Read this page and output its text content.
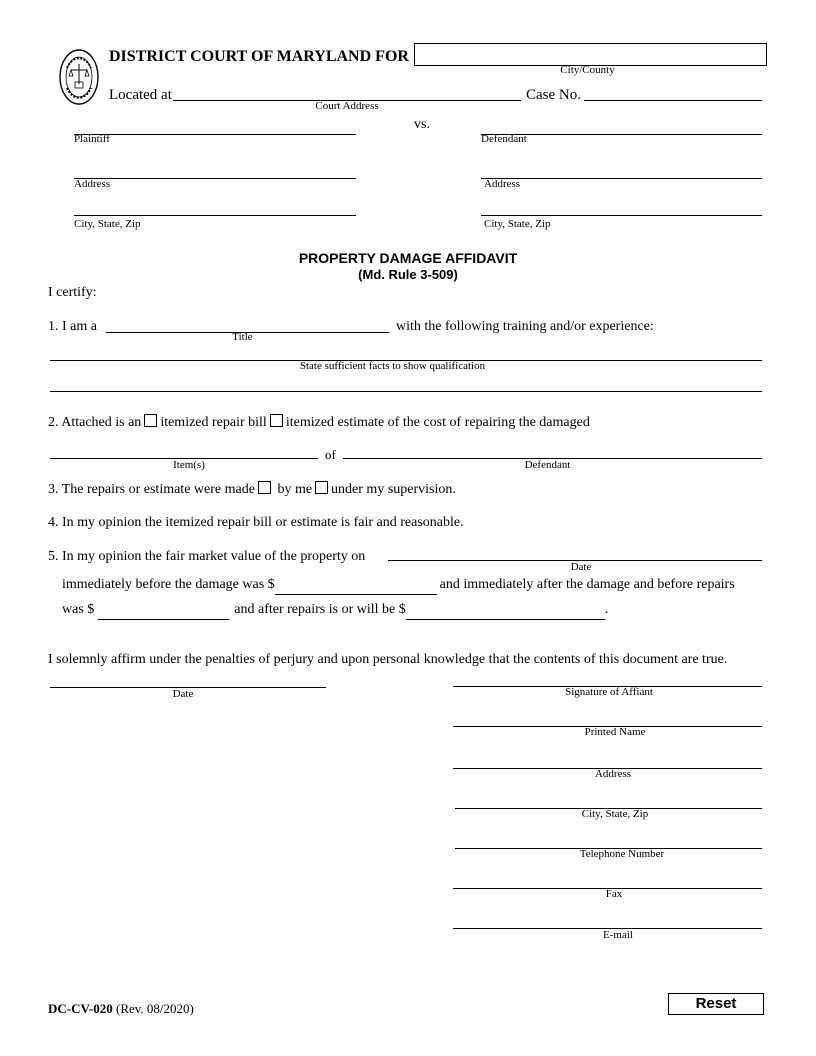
DISTRICT COURT OF MARYLAND FOR
City/County
Located at
Court Address
Case No.
vs.
Plaintiff
Address
City, State, Zip
Defendant
Address
City, State, Zip
PROPERTY DAMAGE AFFIDAVIT
(Md. Rule 3-509)
I certify:
1. I am a
Title
with the following training and/or experience:
State sufficient facts to show qualification
2. Attached is an itemized repair bill itemized estimate of the cost of repairing the damaged
Item(s)
of
Defendant
3. The repairs or estimate were made by me under my supervision.
4. In my opinion the itemized repair bill or estimate is fair and reasonable.
5. In my opinion the fair market value of the property on
Date
immediately before the damage was $	and immediately after the damage and before repairs
was $	and after repairs is or will be $	.
I solemnly affirm under the penalties of perjury and upon personal knowledge that the contents of this document are true.
Date	Signature of Affiant
Printed Name
Address
City, State, Zip
Telephone Number
Fax
E-mail
DC-CV-020 (Rev. 08/2020)	Reset
